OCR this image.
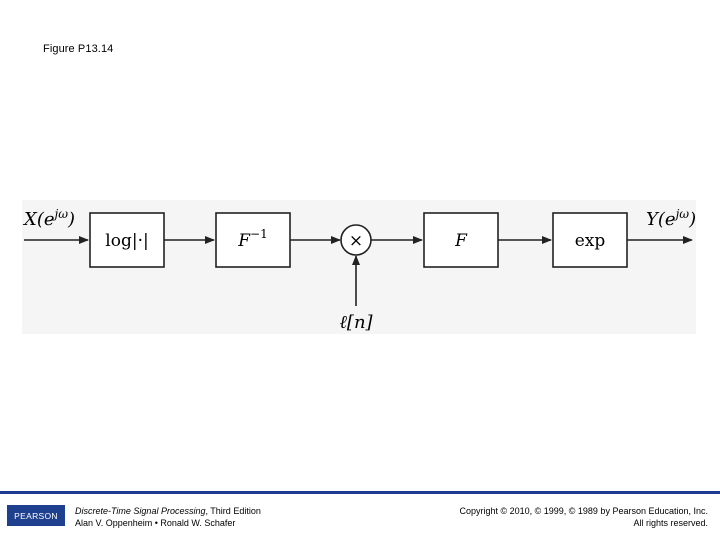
Figure P13.14
$X(e^{j\omega})$	$Y(e^{j\omega})$
log|·|	$F^{-1}$	×	F	exp
ℓ[n]
PEARSON Discrete-Time Signal Processing, Third Edition
Alan V. Oppenheim • Ronald W. Schafer
Copyright © 2010, © 1999, © 1989 by Pearson Education, Inc.
All rights reserved.
